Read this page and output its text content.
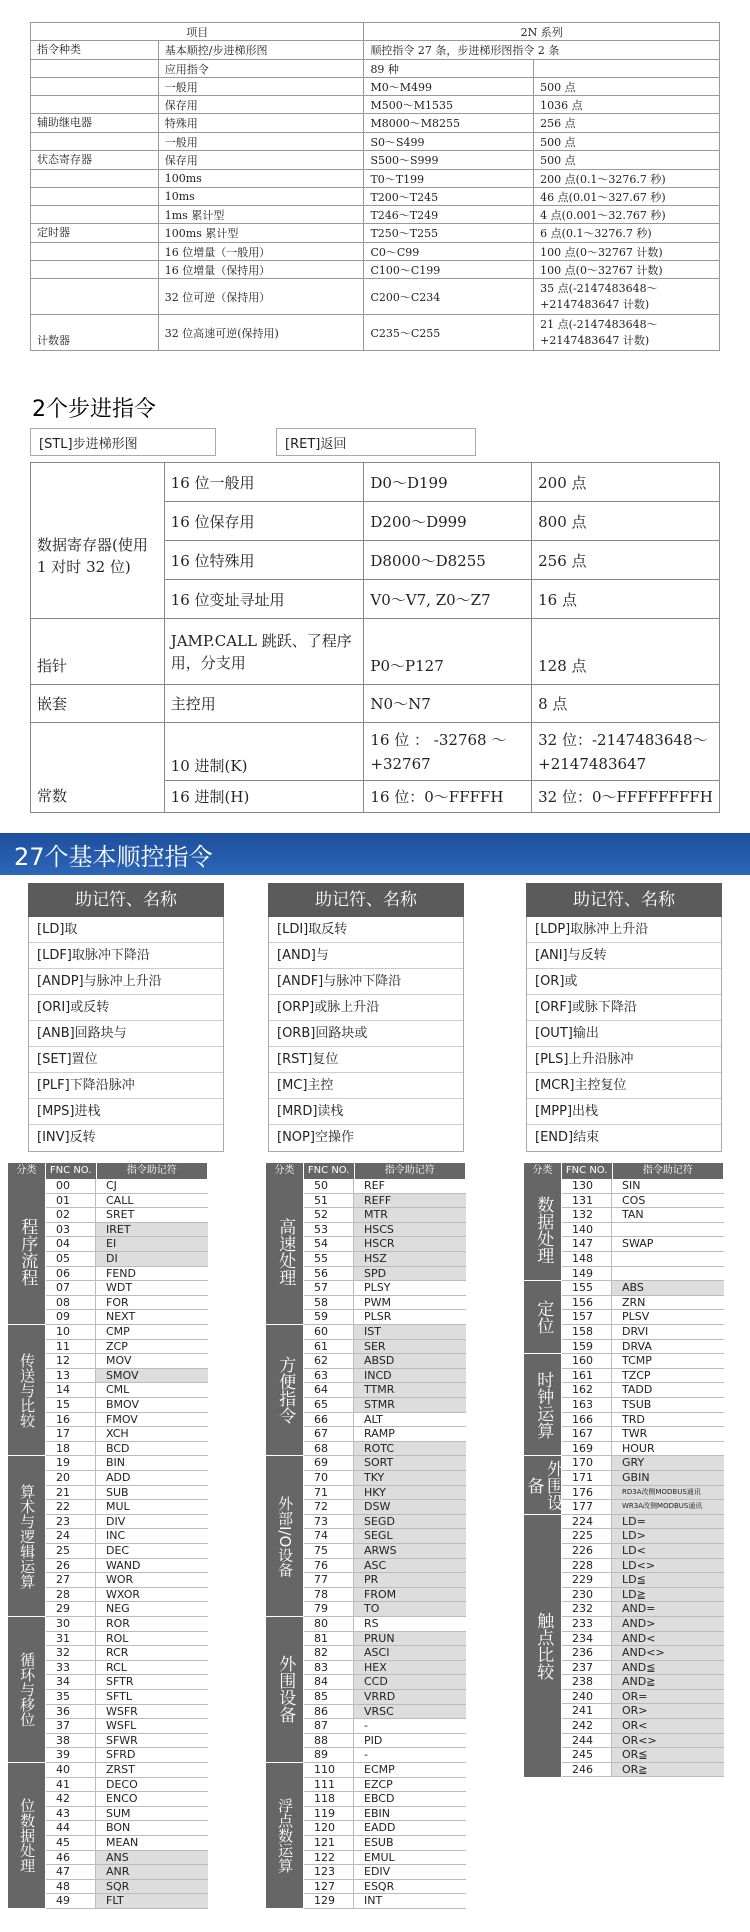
项目		2N 系列	
指令种类	基本顺控/步进梯形图	顺控指令 27 条，步进梯形图指令 2 条	
	应用指令	89 种	
	一般用	M0～M499	500 点
	保存用	M500～M1535	1036 点
辅助继电器	特殊用	M8000～M8255	256 点
	一般用	S0～S499	500 点
状态寄存器	保存用	S500～S999	500 点
	100ms	T0～T199	200 点(0.1～3276.7 秒)
	10ms	T200～T245	46 点(0.01～327.67 秒)
	1ms 累计型	T246～T249	4 点(0.001～32.767 秒)
定时器	100ms 累计型	T250～T255	6 点(0.1～3276.7 秒)
	16 位增量（一般用）	C0～C99	100 点(0～32767 计数)
	16 位增量（保持用）	C100～C199	100 点(0～32767 计数)
	32 位可逆（保持用）	C200～C234	35 点(-2147483648～+2147483647 计数)
计数器	32 位高速可逆(保持用)	C235～C255	21 点(-2147483648～+2147483647 计数)
2个步进指令
[STL]步进梯形图	[RET]返回
数据寄存器(使用 1 对时 32 位)	16 位一般用	D0～D199	200 点
	16 位保存用	D200～D999	800 点
	16 位特殊用	D8000～D8255	256 点
	16 位变址寻址用	V0～V7, Z0～Z7	16 点
指针	JAMP.CALL 跳跃、了程序用，分支用	P0～P127	128 点
嵌套	主控用	N0～N7	8 点
常数	10 进制(K)	16 位 ： -32768 ～ +32767	32 位：-2147483648～+2147483647
	16 进制(H)	16 位：0～FFFFH	32 位：0～FFFFFFFFH
27个基本顺控指令
助记符、名称
[LD]取
[LDF]取脉冲下降沿
[ANDP]与脉冲上升沿
[ORI]或反转
[ANB]回路块与
[SET]置位
[PLF]下降沿脉冲
[MPS]进栈
[INV]反转
助记符、名称
[LDI]取反转
[AND]与
[ANDF]与脉冲下降沿
[ORP]或脉上升沿
[ORB]回路块或
[RST]复位
[MC]主控
[MRD]读栈
[NOP]空操作
助记符、名称
[LDP]取脉冲上升沿
[ANI]与反转
[OR]或
[ORF]或脉下降沿
[OUT]输出
[PLS]上升沿脉冲
[MCR]主控复位
[MPP]出栈
[END]结束
分类	FNC NO.	指令助记符
程序流程
00	CJ
01	CALL
02	SRET
03	IRET
04	EI
05	DI
06	FEND
07	WDT
08	FOR
09	NEXT
传送与比较
10	CMP
11	ZCP
12	MOV
13	SMOV
14	CML
15	BMOV
16	FMOV
17	XCH
18	BCD
算术与逻辑运算
19	BIN
20	ADD
21	SUB
22	MUL
23	DIV
24	INC
25	DEC
26	WAND
27	WOR
28	WXOR
29	NEG
循环与移位
30	ROR
31	ROL
32	RCR
33	RCL
34	SFTR
35	SFTL
36	WSFR
37	WSFL
38	SFWR
39	SFRD
位数据处理
40	ZRST
41	DECO
42	ENCO
43	SUM
44	BON
45	MEAN
46	ANS
47	ANR
48	SQR
49	FLT
分类	FNC NO.	指令助记符
高速处理
50	REF
51	REFF
52	MTR
53	HSCS
54	HSCR
55	HSZ
56	SPD
57	PLSY
58	PWM
59	PLSR
方便指令
60	IST
61	SER
62	ABSD
63	INCD
64	TTMR
65	STMR
66	ALT
67	RAMP
68	ROTC
外部I/O设备
69	SORT
70	TKY
71	HKY
72	DSW
73	SEGD
74	SEGL
75	ARWS
76	ASC
77	PR
78	FROM
79	TO
外围设备
80	RS
81	PRUN
82	ASCI
83	HEX
84	CCD
85	VRRD
86	VRSC
87	-
88	PID
89	-
浮点数运算
110	ECMP
111	EZCP
118	EBCD
119	EBIN
120	EADD
121	ESUB
122	EMUL
123	EDIV
127	ESQR
129	INT
分类	FNC NO.	指令助记符
数据处理
130	SIN
131	COS
132	TAN
140
147	SWAP
148
149
定位
155	ABS
156	ZRN
157	PLSV
158	DRVI
159	DRVA
时钟运算
160	TCMP
161	TZCP
162	TADD
163	TSUB
166	TRD
167	TWR
169	HOUR
外围设备
170	GRY
171	GBIN
176	RD3A改侧MODBUS通讯
177	WR3A改侧MODBUS通讯
触点比较
224	LD=
225	LD>
226	LD<
228	LD<>
229	LD≦
230	LD≧
232	AND=
233	AND>
234	AND<
236	AND<>
237	AND≦
238	AND≧
240	OR=
241	OR>
242	OR<
244	OR<>
245	OR≦
246	OR≧
